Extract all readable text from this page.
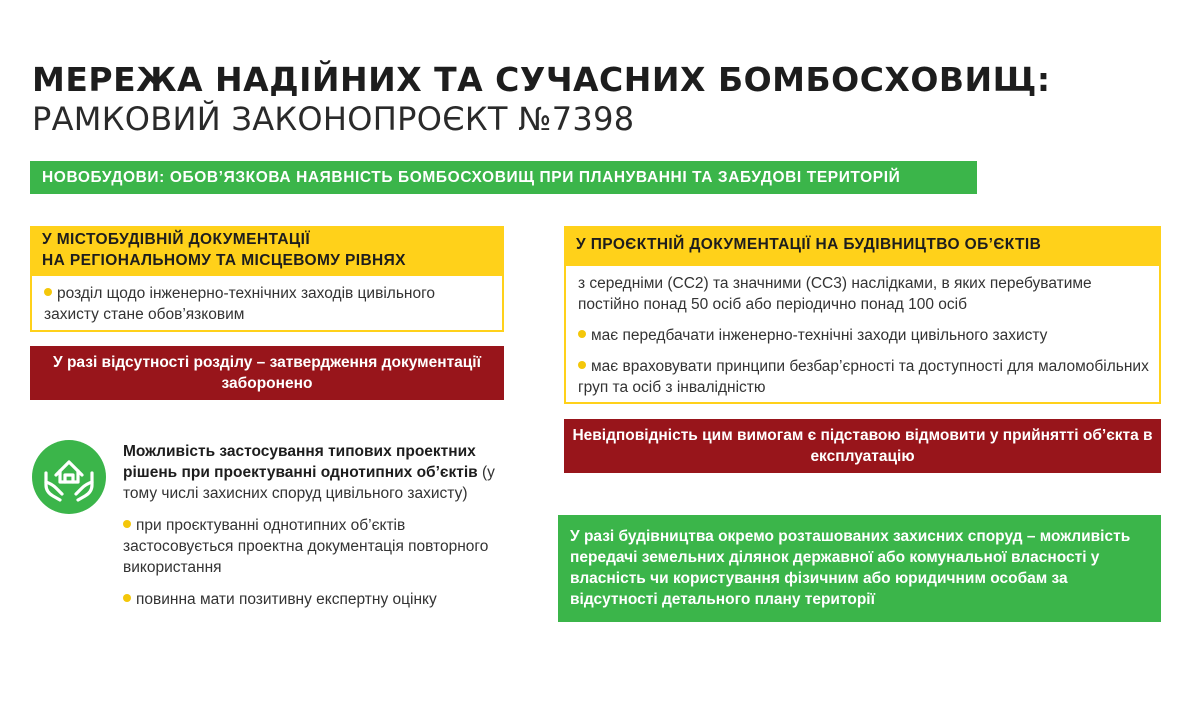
МЕРЕЖА НАДІЙНИХ ТА СУЧАСНИХ БОМБОСХОВИЩ:
РАМКОВИЙ ЗАКОНОПРОЄКТ №7398
НОВОБУДОВИ: ОБОВ’ЯЗКОВА НАЯВНІСТЬ БОМБОСХОВИЩ ПРИ ПЛАНУВАННІ ТА ЗАБУДОВІ ТЕРИТОРІЙ
У МІСТОБУДІВНІЙ ДОКУМЕНТАЦІЇ
НА РЕГІОНАЛЬНОМУ ТА МІСЦЕВОМУ РІВНЯХ
розділ щодо інженерно-технічних заходів цивільного захисту стане обов’язковим
У разі відсутності розділу – затвердження документації заборонено

Можливість застосування типових проектних рішень при проектуванні однотипних об’єктів (у тому числі захисних споруд цивільного захисту)

при проєктуванні однотипних об’єктів застосовується проектна документація повторного використання

повинна мати позитивну експертну оцінку

У ПРОЄКТНІЙ ДОКУМЕНТАЦІЇ НА БУДІВНИЦТВО ОБ’ЄКТІВ

з середніми (СС2) та значними (СС3) наслідками, в яких перебуватиме постійно понад 50 осіб або періодично понад 100 осіб

має передбачати інженерно-технічні заходи цивільного захисту

має враховувати принципи безбар’єрності та доступності для маломобільних груп та осіб з інвалідністю

Невідповідність цим вимогам є підставою відмовити у прийнятті об’єкта в експлуатацію
У разі будівництва окремо розташованих захисних споруд – можливість передачі земельних ділянок державної або комунальної власності у власність чи користування фізичним або юридичним особам за відсутності детального плану території
